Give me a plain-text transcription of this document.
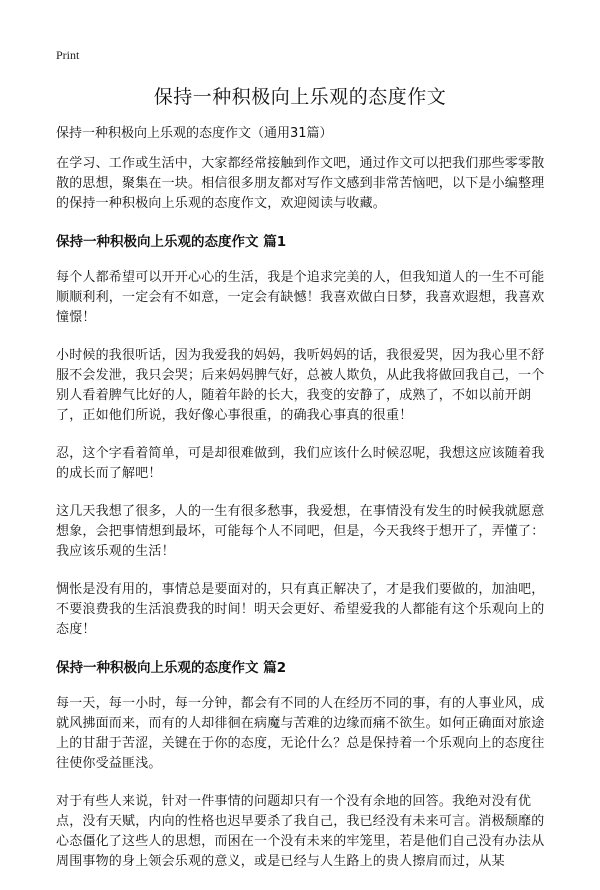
Print
保持一种积极向上乐观的态度作文
保持一种积极向上乐观的态度作文（通用31篇）

在学习、工作或生活中，大家都经常接触到作文吧，通过作文可以把我们那些零零散散的思想，聚集在一块。相信很多朋友都对写作文感到非常苦恼吧，以下是小编整理的保持一种积极向上乐观的态度作文，欢迎阅读与收藏。

保持一种积极向上乐观的态度作文 篇1

每个人都希望可以开开心心的生活，我是个追求完美的人，但我知道人的一生不可能顺顺利利，一定会有不如意，一定会有缺憾！我喜欢做白日梦，我喜欢遐想，我喜欢憧憬！

小时候的我很听话，因为我爱我的妈妈，我听妈妈的话，我很爱哭，因为我心里不舒服不会发泄，我只会哭；后来妈妈脾气好，总被人欺负，从此我将做回我自己，一个别人看着脾气比好的人，随着年龄的长大，我变的安静了，成熟了，不如以前开朗了，正如他们所说，我好像心事很重，的确我心事真的很重！

忍，这个字看着简单，可是却很难做到，我们应该什么时候忍呢，我想这应该随着我的成长而了解吧！

这几天我想了很多，人的一生有很多愁事，我爱想，在事情没有发生的时候我就愿意想象，会把事情想到最坏，可能每个人不同吧，但是，今天我终于想开了，弄懂了：我应该乐观的生活！

惆怅是没有用的，事情总是要面对的，只有真正解决了，才是我们要做的，加油吧，不要浪费我的生活浪费我的时间！明天会更好、希望爱我的人都能有这个乐观向上的态度！

保持一种积极向上乐观的态度作文 篇2

每一天，每一小时，每一分钟，都会有不同的人在经历不同的事，有的人事业风，成就风拂面而来，而有的人却徘徊在病魔与苦难的边缘而痛不欲生。如何正确面对旅途上的甘甜于苦涩，关键在于你的态度，无论什么？总是保持着一个乐观向上的态度往往使你受益匪浅。

对于有些人来说，针对一件事情的问题却只有一个没有余地的回答。我绝对没有优点，没有天赋，内向的性格也迟早要杀了我自己，我已经没有未来可言。消极颓靡的心态僵化了这些人的思想，而困在一个没有未来的牢笼里，若是他们自己没有办法从周围事物的身上领会乐观的意义，或是已经与人生路上的贵人擦肩而过，从某
